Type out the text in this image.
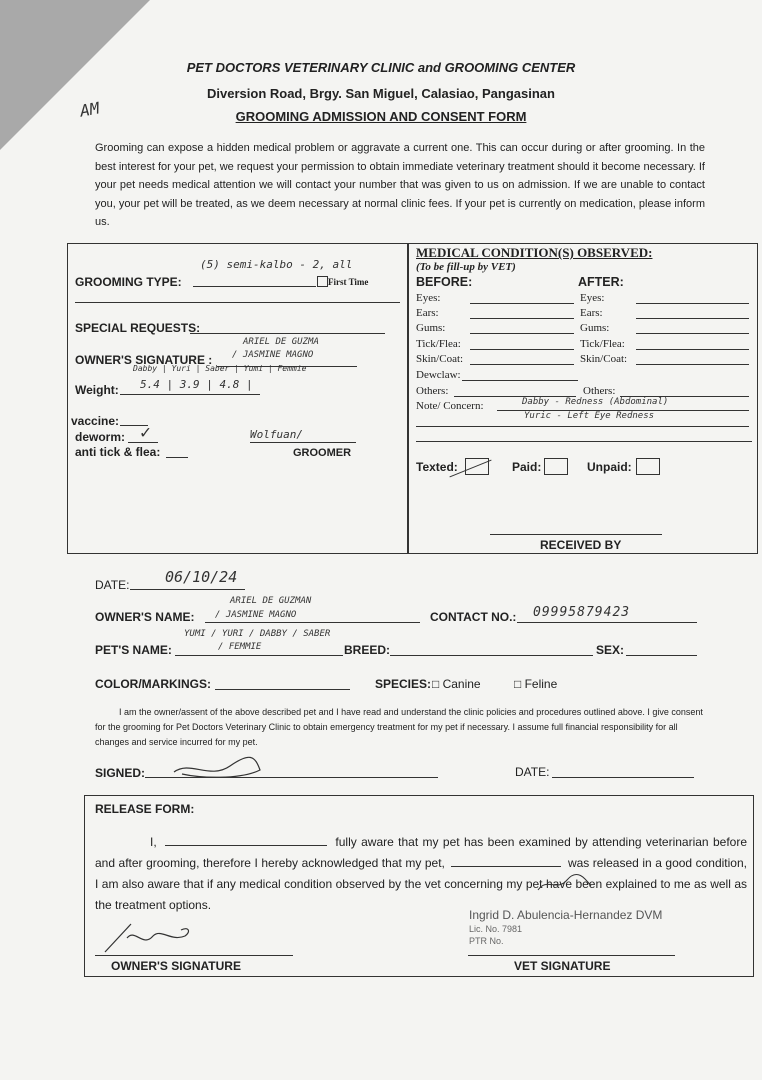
AM
PET DOCTORS VETERINARY CLINIC and GROOMING CENTER
Diversion Road, Brgy. San Miguel, Calasiao, Pangasinan
GROOMING ADMISSION AND CONSENT FORM
Grooming can expose a hidden medical problem or aggravate a current one. This can occur during or after grooming. In the best interest for your pet, we request your permission to obtain immediate veterinary treatment should it become necessary. If your pet needs medical attention we will contact your number that was given to us on admission. If we are unable to contact you, your pet will be treated, as we deem necessary at normal clinic fees. If your pet is currently on medication, please inform us.
GROOMING TYPE:
(5) semi-kalbo - 2, all
First Time
SPECIAL REQUESTS:
OWNER'S SIGNATURE :
ARIEL DE GUZMA
/ JASMINE MAGNO
Dabby | Yuri | Saber | Yumi | Femmie
Weight: 5.4 | 3.9 | 4.8 |
vaccine:
deworm: ✓
anti tick & flea:
Wolfuan/
GROOMER
MEDICAL CONDITION(S) OBSERVED:
(To be fill-up by VET)
BEFORE:	AFTER:
Eyes:	Eyes:
Ears:	Ears:
Gums:	Gums:
Tick/Flea:	Tick/Flea:
Skin/Coat:	Skin/Coat:
Dewclaw:
Others:	Others:
Note/ Concern:	Dabby - Redness (Abdominal)
Yuric - Left Eye Redness
Texted:	Paid:	Unpaid:
RECEIVED BY
DATE: 06/10/24
OWNER'S NAME:
ARIEL DE GUZMAN
/ JASMINE MAGNO	CONTACT NO.: 09995879423
PET'S NAME:
YUMI / YURI / DABBY / SABER
/ FEMMIE	BREED:	SEX:
COLOR/MARKINGS:	SPECIES: □ Canine	□ Feline
I am the owner/assent of the above described pet and I have read and understand the clinic policies and procedures outlined above. I give consent for the grooming for Pet Doctors Veterinary Clinic to obtain emergency treatment for my pet if necessary. I assume full financial responsibility for all changes and service incurred for my pet.
SIGNED:	DATE:
RELEASE FORM:
I,	fully aware that my pet has been examined by attending veterinarian before and after grooming, therefore I hereby acknowledged that my pet,	was released in a good condition, I am also aware that if any medical condition observed by the vet concerning my pet have been explained to me as well as the treatment options.
Ingrid D. Abulencia-Hernandez DVM
Lic. No. 7981
PTR No.
OWNER'S SIGNATURE	VET SIGNATURE
